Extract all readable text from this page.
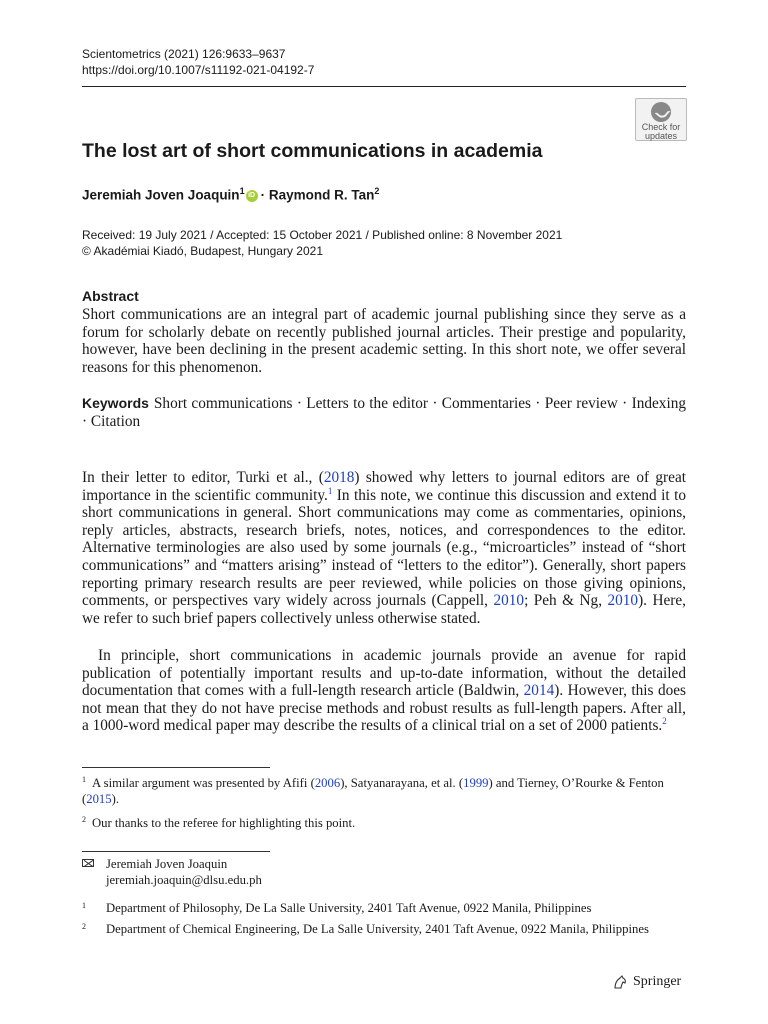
Scientometrics (2021) 126:9633–9637
https://doi.org/10.1007/s11192-021-04192-7
Check for
updates
The lost art of short communications in academia
Jeremiah Joven Joaquin$^1$ iD · Raymond R. Tan$^2$
Received: 19 July 2021 / Accepted: 15 October 2021 / Published online: 8 November 2021
© Akadémiai Kiadó, Budapest, Hungary 2021
Abstract
Short communications are an integral part of academic journal publishing since they serve as a forum for scholarly debate on recently published journal articles. Their prestige and popularity, however, have been declining in the present academic setting. In this short note, we offer several reasons for this phenomenon.
Keywords Short communications · Letters to the editor · Commentaries · Peer review · Indexing · Citation
In their letter to editor, Turki et al., (2018) showed why letters to journal editors are of great importance in the scientific community.$^1$ In this note, we continue this discussion and extend it to short communications in general. Short communications may come as commentaries, opinions, reply articles, abstracts, research briefs, notes, notices, and correspondences to the editor. Alternative terminologies are also used by some journals (e.g., “microarticles” instead of “short communications” and “matters arising” instead of “letters to the editor”). Generally, short papers reporting primary research results are peer reviewed, while policies on those giving opinions, comments, or perspectives vary widely across journals (Cappell, 2010; Peh & Ng, 2010). Here, we refer to such brief papers collectively unless otherwise stated.
In principle, short communications in academic journals provide an avenue for rapid publication of potentially important results and up-to-date information, without the detailed documentation that comes with a full-length research article (Baldwin, 2014). However, this does not mean that they do not have precise methods and robust results as full-length papers. After all, a 1000-word medical paper may describe the results of a clinical trial on a set of 2000 patients.$^2$
$^1$ A similar argument was presented by Afifi (2006), Satyanarayana, et al. (1999) and Tierney, O’Rourke & Fenton (2015).
$^2$ Our thanks to the referee for highlighting this point.
Jeremiah Joven Joaquin
jeremiah.joaquin@dlsu.edu.ph
1 Department of Philosophy, De La Salle University, 2401 Taft Avenue, 0922 Manila, Philippines
2 Department of Chemical Engineering, De La Salle University, 2401 Taft Avenue, 0922 Manila, Philippines
Springer
